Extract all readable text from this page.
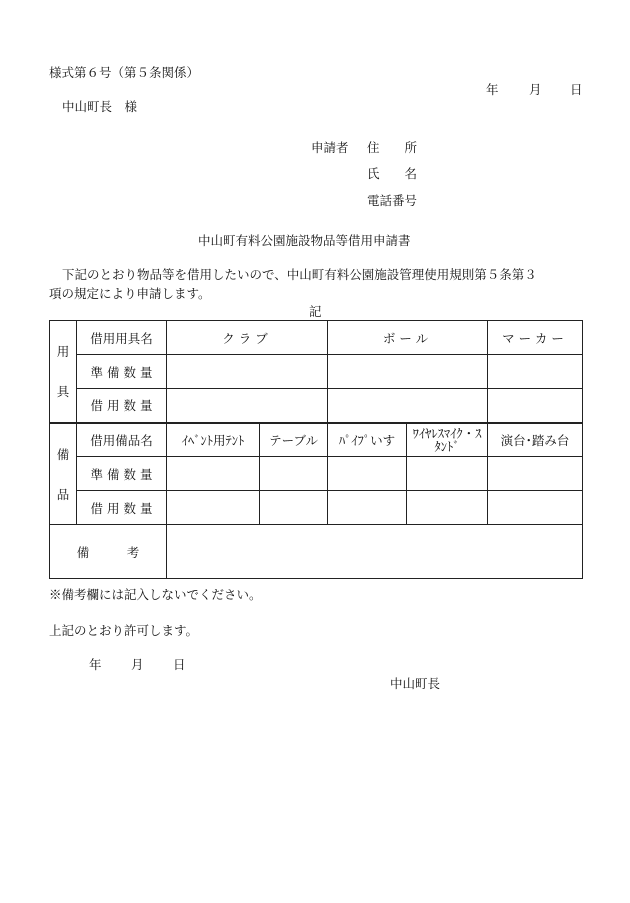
様式第６号（第５条関係）
年 月 日
中山町長　様
申請者 住　　所
氏　　名
電話番号
中山町有料公園施設物品等借用申請書
下記のとおり物品等を借用したいので、中山町有料公園施設管理使用規則第５条第３
項の規定により申請します。
記
用
具	借用用具名	クラブ		ボール		マーカー
	準 備 数 量					
	借 用 数 量					

備
品	借用備品名	ｲﾍﾞﾝﾄ用ﾃﾝﾄ	テーブル	ﾊﾟｲﾌﾟいす	ﾜｲﾔﾚｽﾏｲｸ・ｽﾀﾝﾄﾞ	演台･踏み台
	準 備 数 量					
	借 用 数 量					
備　　　考						
※備考欄には記入しないでください。
上記のとおり許可します。
年 月 日
中山町長
